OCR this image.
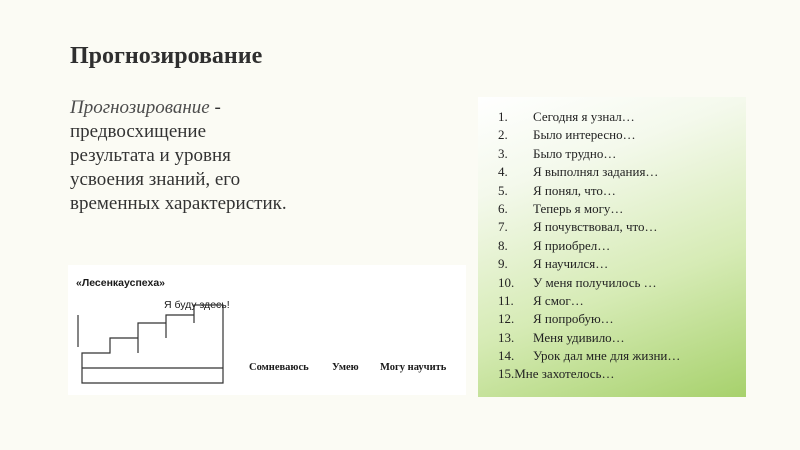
Прогнозирование
Прогнозирование -
предвосхищение
результата и уровня
усвоения знаний, его
временных характеристик.
«Лесенкауспеха»
Я буду здесь!
Сомневаюсь Умею Могу научить
1. Сегодня я узнал…
2. Было интересно…
3. Было трудно…
4. Я выполнял задания…
5. Я понял, что…
6. Теперь я могу…
7. Я почувствовал, что…
8. Я приобрел…
9. Я научился…
10. У меня получилось …
11. Я смог…
12. Я попробую…
13. Меня удивило…
14. Урок дал мне для жизни…
15.Мне захотелось…
